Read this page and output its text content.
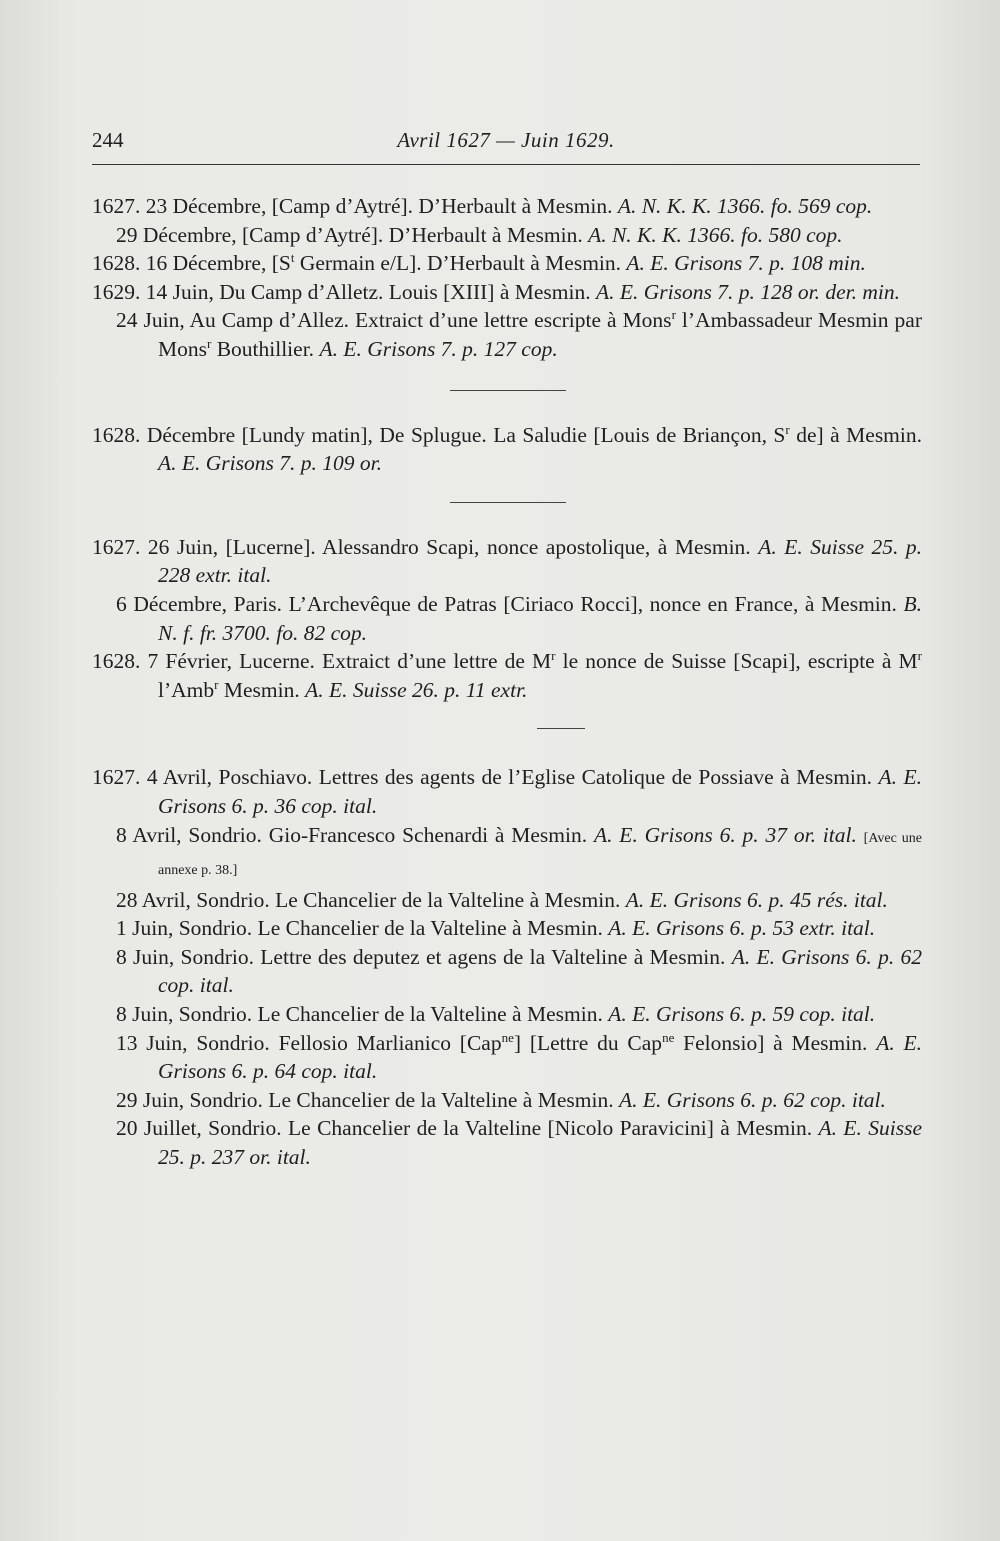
244	Avril 1627 — Juin 1629.

1627. 23 Décembre, [Camp d’Aytré]. D’Herbault à Mesmin. A. N. K. K. 1366. fo. 569 cop.

29 Décembre, [Camp d’Aytré]. D’Herbault à Mesmin. A. N. K. K. 1366. fo. 580 cop.

1628. 16 Décembre, [$S^t$ Germain e/L]. D’Herbault à Mesmin. A. E. Grisons 7. p. 108 min.

1629. 14 Juin, Du Camp d’Alletz. Louis [XIII] à Mesmin. A. E. Grisons 7. p. 128 or. der. min.

24 Juin, Au Camp d’Allez. Extraict d’une lettre escripte à Mons$^r$ l’Ambassadeur Mesmin par Mons$^r$ Bouthillier. A. E. Grisons 7. p. 127 cop.

1628. Décembre [Lundy matin], De Splugue. La Saludie [Louis de Briançon, $S^r$ de] à Mesmin. A. E. Grisons 7. p. 109 or.

1627. 26 Juin, [Lucerne]. Alessandro Scapi, nonce apostolique, à Mesmin. A. E. Suisse 25. p. 228 extr. ital.

6 Décembre, Paris. L’Archevêque de Patras [Ciriaco Rocci], nonce en France, à Mesmin. B. N. f. fr. 3700. fo. 82 cop.

1628. 7 Février, Lucerne. Extraict d’une lettre de $M^r$ le nonce de Suisse [Scapi], escripte à $M^r$ l’Amb$^r$ Mesmin. A. E. Suisse 26. p. 11 extr.

1627. 4 Avril, Poschiavo. Lettres des agents de l’Eglise Catolique de Possiave à Mesmin. A. E. Grisons 6. p. 36 cop. ital.

8 Avril, Sondrio. Gio-Francesco Schenardi à Mesmin. A. E. Grisons 6. p. 37 or. ital. [Avec une annexe p. 38.]

28 Avril, Sondrio. Le Chancelier de la Valteline à Mesmin. A. E. Grisons 6. p. 45 rés. ital.

1 Juin, Sondrio. Le Chancelier de la Valteline à Mesmin. A. E. Grisons 6. p. 53 extr. ital.

8 Juin, Sondrio. Lettre des deputez et agens de la Valteline à Mesmin. A. E. Grisons 6. p. 62 cop. ital.

8 Juin, Sondrio. Le Chancelier de la Valteline à Mesmin. A. E. Grisons 6. p. 59 cop. ital.

13 Juin, Sondrio. Fellosio Marlianico [Cap$^{ne}$] [Lettre du Cap$^{ne}$ Felonsio] à Mesmin. A. E. Grisons 6. p. 64 cop. ital.

29 Juin, Sondrio. Le Chancelier de la Valteline à Mesmin. A. E. Grisons 6. p. 62 cop. ital.

20 Juillet, Sondrio. Le Chancelier de la Valteline [Nicolo Paravicini] à Mesmin. A. E. Suisse 25. p. 237 or. ital.
